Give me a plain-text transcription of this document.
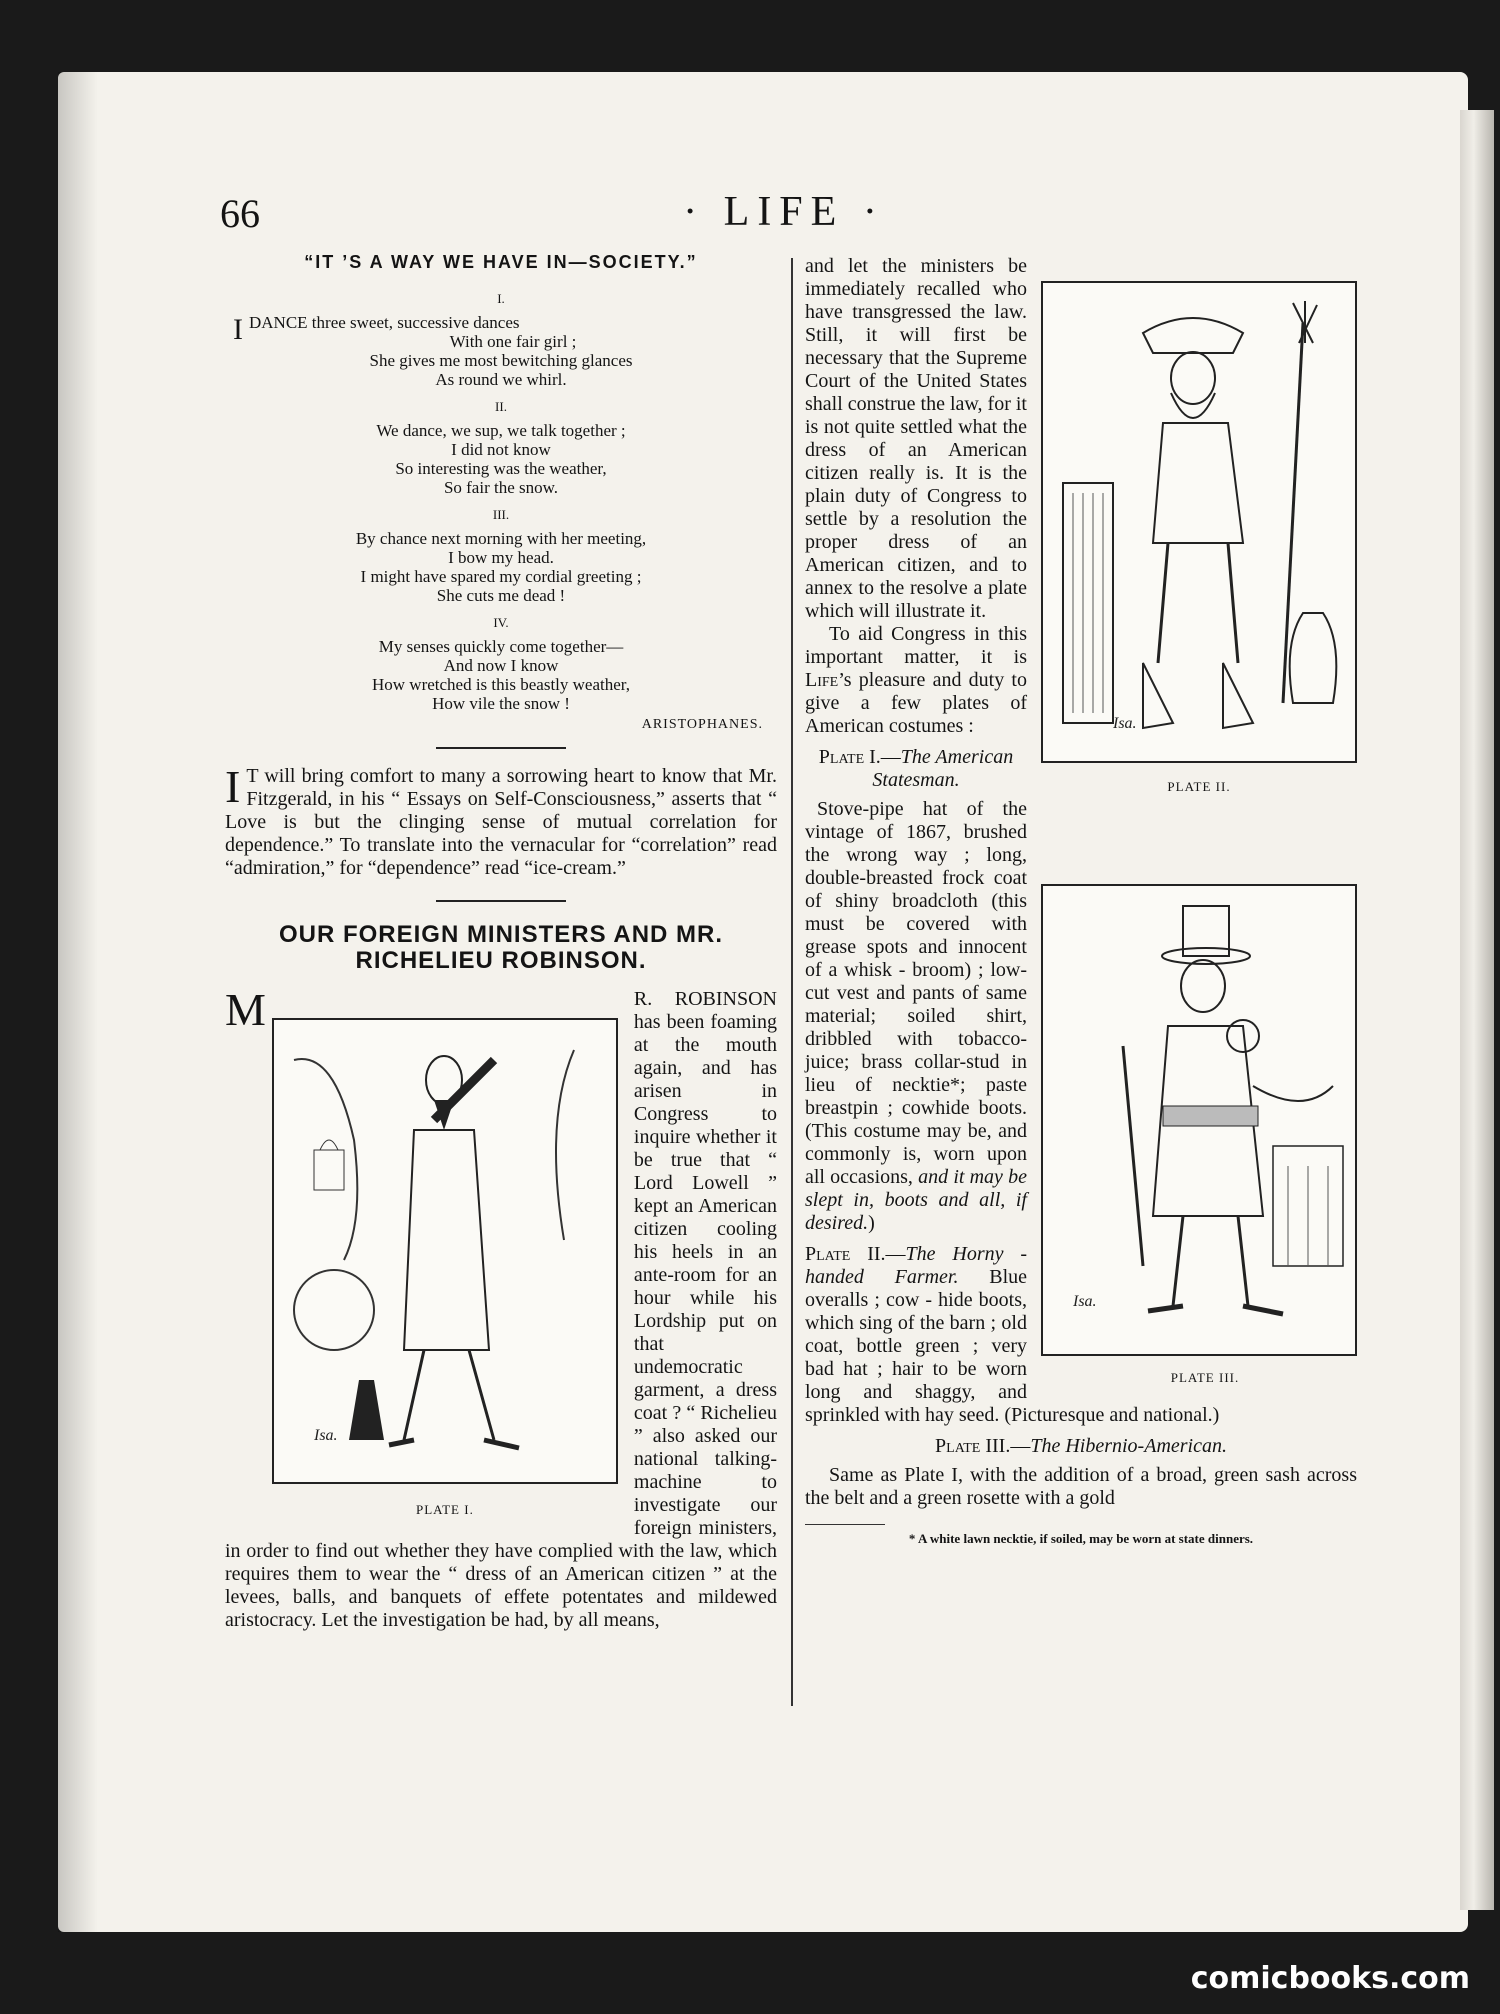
66	· LIFE ·
“IT ’S A WAY WE HAVE IN—SOCIETY.”
I.
IDANCE three sweet, successive dances
With one fair girl ;
She gives me most bewitching glances
As round we whirl.
II.
We dance, we sup, we talk together ;
I did not know
So interesting was the weather,
So fair the snow.
III.
By chance next morning with her meeting,
I bow my head.
I might have spared my cordial greeting ;
She cuts me dead !
IV.
My senses quickly come together—
And now I know
How wretched is this beastly weather,
How vile the snow !
ARISTOPHANES.

I T will bring comfort to many a sorrowing heart to know that Mr. Fitzgerald, in his “ Essays on Self-Consciousness,” asserts that “ Love is but the clinging sense of mutual correlation for dependence.” To translate into the vernacular for “correlation” read “admiration,” for “dependence” read “ice-cream.”

OUR FOREIGN MINISTERS AND MR. RICHELIEU ROBINSON.

M
Isa.
PLATE I.
R. ROBINSON has been foaming at the mouth again, and has arisen in Congress to inquire whether it be true that “ Lord Lowell ” kept an American citizen cooling his heels in an ante-room for an hour while his Lordship put on that undemocratic garment, a dress coat ? “ Richelieu ” also asked our national talking-machine to investigate our foreign ministers, in order to find out whether they have complied with the law, which requires them to wear the “ dress of an American citizen ” at the levees, balls, and banquets of effete potentates and mildewed aristocracy. Let the investigation be had, by all means,

Isa.
PLATE II.
and let the ministers be immediately recalled who have transgressed the law. Still, it will first be necessary that the Supreme Court of the United States shall construe the law, for it is not quite settled what the dress of an American citizen really is. It is the plain duty of Congress to settle by a resolution the proper dress of an American citizen, and to annex to the resolve a plate which will illustrate it.

To aid Congress in this important matter, it is Life’s pleasure and duty to give a few plates of American costumes :

Plate I.—The American Statesman.

Isa.
PLATE III.
Stove-pipe hat of the vintage of 1867, brushed the wrong way ; long, double-breasted frock coat of shiny broadcloth (this must be covered with grease spots and innocent of a whisk - broom) ; low-cut vest and pants of same material; soiled shirt, dribbled with tobacco-juice; brass collar-stud in lieu of necktie*; paste breastpin ; cowhide boots. (This costume may be, and commonly is, worn upon all occasions, and it may be slept in, boots and all, if desired.)

Plate II.—The Horny - handed Farmer. Blue overalls ; cow - hide boots, which sing of the barn ; old coat, bottle green ; very bad hat ; hair to be worn long and shaggy, and sprinkled with hay seed. (Picturesque and national.)

Plate III.—The Hibernio-American.

Same as Plate I, with the addition of a broad, green sash across the belt and a green rosette with a gold

* A white lawn necktie, if soiled, may be worn at state dinners.
comicbooks.com
